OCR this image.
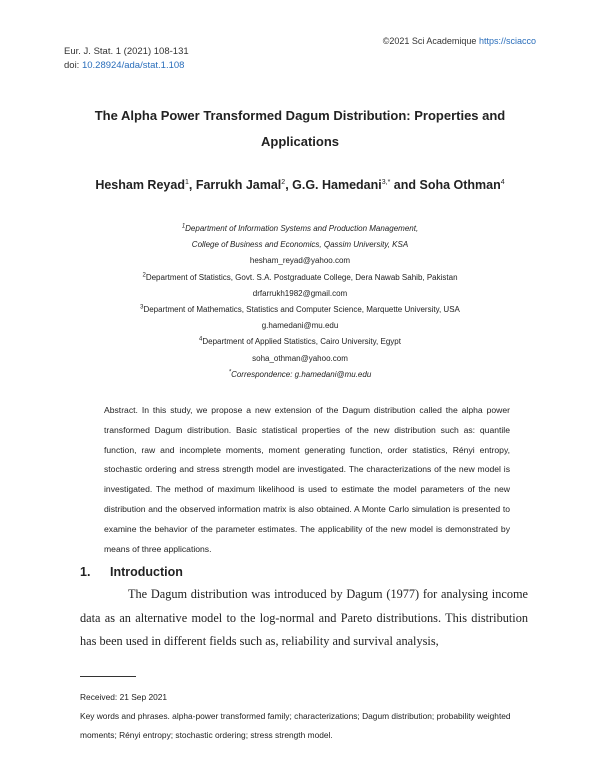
©2021 Sci Academique https://sciacco
Eur. J. Stat. 1 (2021) 108-131
doi: 10.28924/ada/stat.1.108
The Alpha Power Transformed Dagum Distribution: Properties and
Applications
Hesham Reyad$^1$, Farrukh Jamal$^2$, G.G. Hamedani$^{3,*}$ and Soha Othman$^4$
$^1$Department of Information Systems and Production Management,
College of Business and Economics, Qassim University, KSA
hesham_reyad@yahoo.com
$^2$Department of Statistics, Govt. S.A. Postgraduate College, Dera Nawab Sahib, Pakistan
drfarrukh1982@gmail.com
$^3$Department of Mathematics, Statistics and Computer Science, Marquette University, USA
g.hamedani@mu.edu
$^4$Department of Applied Statistics, Cairo University, Egypt
soha_othman@yahoo.com
*Correspondence: g.hamedani@mu.edu
Abstract. In this study, we propose a new extension of the Dagum distribution called the alpha power transformed Dagum distribution. Basic statistical properties of the new distribution such as: quantile function, raw and incomplete moments, moment generating function, order statistics, Rényi entropy, stochastic ordering and stress strength model are investigated. The characterizations of the new model is investigated. The method of maximum likelihood is used to estimate the model parameters of the new distribution and the observed information matrix is also obtained. A Monte Carlo simulation is presented to examine the behavior of the parameter estimates. The applicability of the new model is demonstrated by means of three applications.
1. Introduction
The Dagum distribution was introduced by Dagum (1977) for analysing income data as an alternative model to the log-normal and Pareto distributions. This distribution has been used in different fields such as, reliability and survival analysis,
Received: 21 Sep 2021
Key words and phrases. alpha-power transformed family; characterizations; Dagum distribution; probability weighted moments; Rényi entropy; stochastic ordering; stress strength model.
